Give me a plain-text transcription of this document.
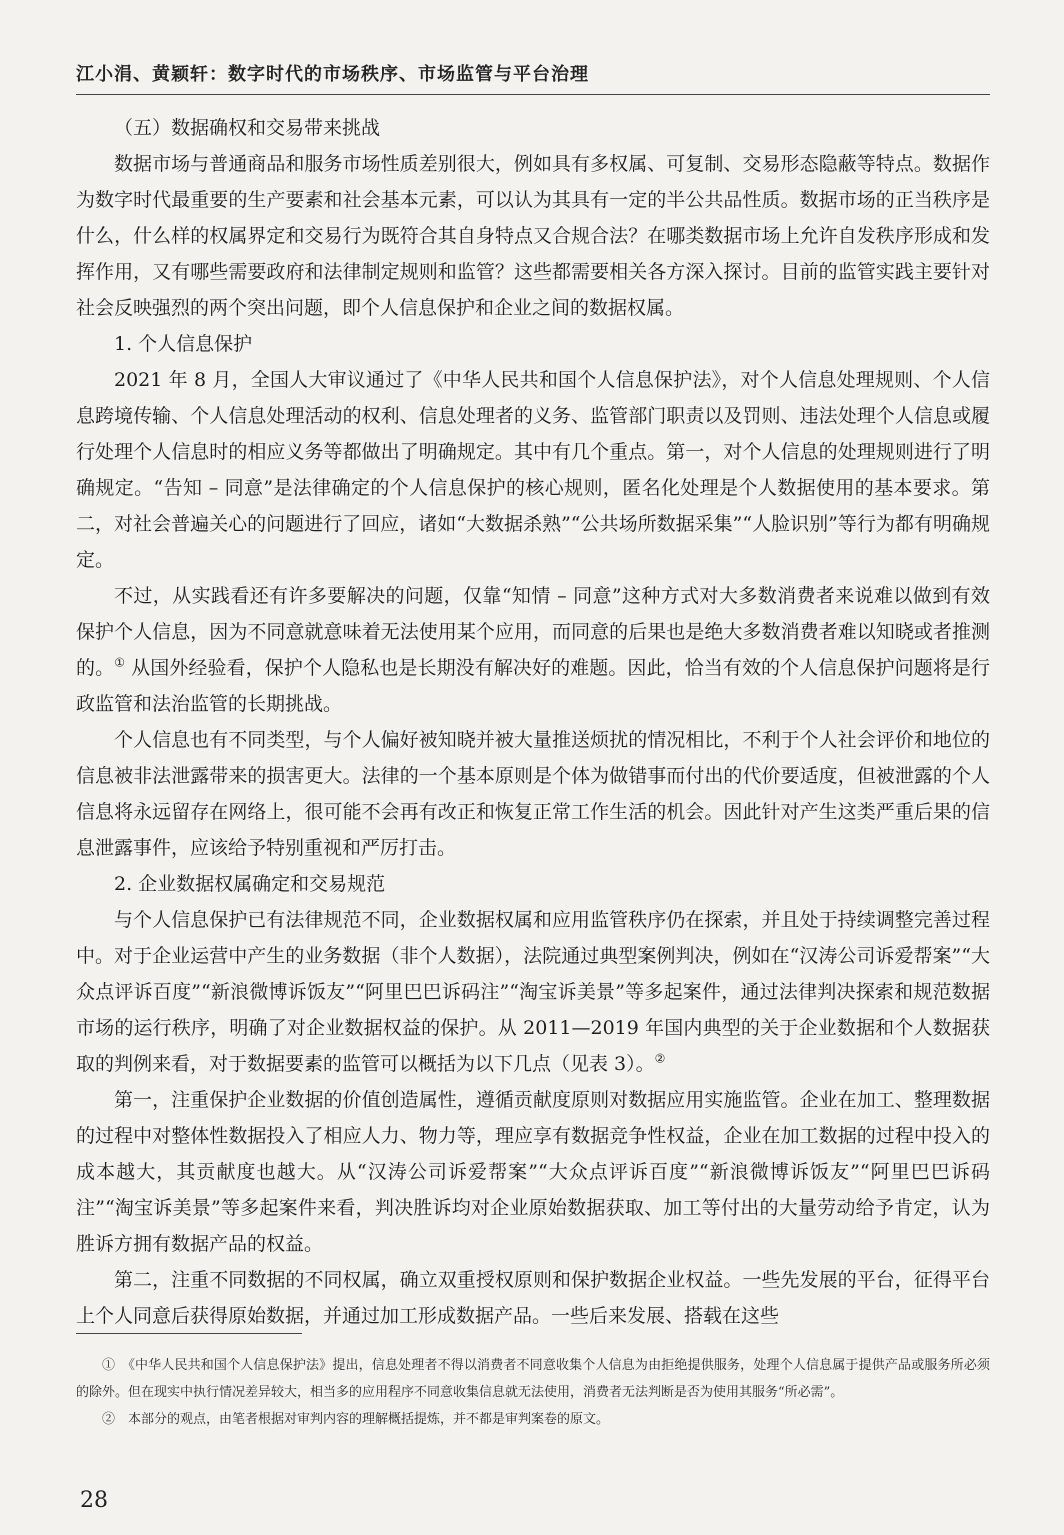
江小涓、黄颖轩：数字时代的市场秩序、市场监管与平台治理

（五）数据确权和交易带来挑战

数据市场与普通商品和服务市场性质差别很大，例如具有多权属、可复制、交易形态隐蔽等特点。数据作为数字时代最重要的生产要素和社会基本元素，可以认为其具有一定的半公共品性质。数据市场的正当秩序是什么，什么样的权属界定和交易行为既符合其自身特点又合规合法？在哪类数据市场上允许自发秩序形成和发挥作用，又有哪些需要政府和法律制定规则和监管？这些都需要相关各方深入探讨。目前的监管实践主要针对社会反映强烈的两个突出问题，即个人信息保护和企业之间的数据权属。

1. 个人信息保护

2021 年 8 月，全国人大审议通过了《中华人民共和国个人信息保护法》，对个人信息处理规则、个人信息跨境传输、个人信息处理活动的权利、信息处理者的义务、监管部门职责以及罚则、违法处理个人信息或履行处理个人信息时的相应义务等都做出了明确规定。其中有几个重点。第一，对个人信息的处理规则进行了明确规定。“告知 – 同意”是法律确定的个人信息保护的核心规则，匿名化处理是个人数据使用的基本要求。第二，对社会普遍关心的问题进行了回应，诸如“大数据杀熟”“公共场所数据采集”“人脸识别”等行为都有明确规定。

不过，从实践看还有许多要解决的问题，仅靠“知情 – 同意”这种方式对大多数消费者来说难以做到有效保护个人信息，因为不同意就意味着无法使用某个应用，而同意的后果也是绝大多数消费者难以知晓或者推测的。① 从国外经验看，保护个人隐私也是长期没有解决好的难题。因此，恰当有效的个人信息保护问题将是行政监管和法治监管的长期挑战。

个人信息也有不同类型，与个人偏好被知晓并被大量推送烦扰的情况相比，不利于个人社会评价和地位的信息被非法泄露带来的损害更大。法律的一个基本原则是个体为做错事而付出的代价要适度，但被泄露的个人信息将永远留存在网络上，很可能不会再有改正和恢复正常工作生活的机会。因此针对产生这类严重后果的信息泄露事件，应该给予特别重视和严厉打击。

2. 企业数据权属确定和交易规范

与个人信息保护已有法律规范不同，企业数据权属和应用监管秩序仍在探索，并且处于持续调整完善过程中。对于企业运营中产生的业务数据（非个人数据），法院通过典型案例判决，例如在“汉涛公司诉爱帮案”“大众点评诉百度”“新浪微博诉饭友”“阿里巴巴诉码注”“淘宝诉美景”等多起案件，通过法律判决探索和规范数据市场的运行秩序，明确了对企业数据权益的保护。从 2011—2019 年国内典型的关于企业数据和个人数据获取的判例来看，对于数据要素的监管可以概括为以下几点（见表 3）。②

第一，注重保护企业数据的价值创造属性，遵循贡献度原则对数据应用实施监管。企业在加工、整理数据的过程中对整体性数据投入了相应人力、物力等，理应享有数据竞争性权益，企业在加工数据的过程中投入的成本越大，其贡献度也越大。从“汉涛公司诉爱帮案”“大众点评诉百度”“新浪微博诉饭友”“阿里巴巴诉码注”“淘宝诉美景”等多起案件来看，判决胜诉均对企业原始数据获取、加工等付出的大量劳动给予肯定，认为胜诉方拥有数据产品的权益。

第二，注重不同数据的不同权属，确立双重授权原则和保护数据企业权益。一些先发展的平台，征得平台上个人同意后获得原始数据，并通过加工形成数据产品。一些后来发展、搭载在这些

①　《中华人民共和国个人信息保护法》提出，信息处理者不得以消费者不同意收集个人信息为由拒绝提供服务，处理个人信息属于提供产品或服务所必须的除外。但在现实中执行情况差异较大，相当多的应用程序不同意收集信息就无法使用，消费者无法判断是否为使用其服务“所必需”。

②　本部分的观点，由笔者根据对审判内容的理解概括提炼，并不都是审判案卷的原文。

28
